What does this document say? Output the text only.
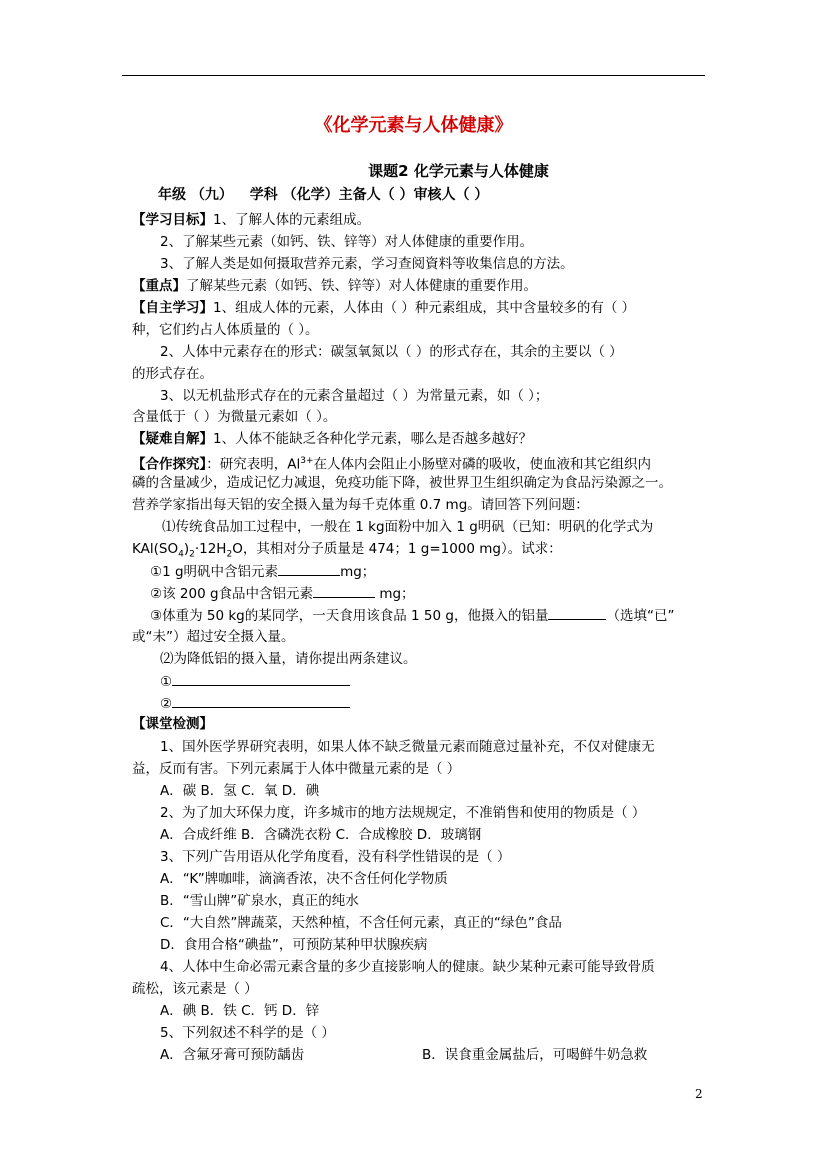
《化学元素与人体健康》
课题2 化学元素与人体健康
年级 （九） 学科 （化学）主备人（ ）审核人（ ）
【学习目标】1、了解人体的元素组成。
2、了解某些元素（如钙、铁、锌等）对人体健康的重要作用。
3、了解人类是如何摄取营养元素，学习查阅資料等收集信息的方法。
【重点】了解某些元素（如钙、铁、锌等）对人体健康的重要作用。
【自主学习】1、组成人体的元素，人体由（ ）种元素组成，其中含量较多的有（ ）
种，它们约占人体质量的（ ）。
2、人体中元素存在的形式：碳氢氧氮以（ ）的形式存在，其余的主要以（ ）
的形式存在。
3、以无机盐形式存在的元素含量超过（ ）为常量元素，如（ ）；
含量低于（ ）为微量元素如（ ）。
【疑难自解】1、人体不能缺乏各种化学元素，哪么是否越多越好？
【合作探究】：研究表明，$Al^{3+}$在人体内会阻止小肠壁对磷的吸收，使血液和其它组织内
磷的含量减少，造成记忆力减退，免疫功能下降，被世界卫生组织确定为食品污染源之一。
营养学家指出每天铝的安全摄入量为每千克体重 0.7 mg。请回答下列问题：
⑴传统食品加工过程中，一般在 1 kg面粉中加入 1 g明矾（已知：明矾的化学式为
$KAl(SO_4)_2\cdot 12H_2O$，其相对分子质量是 474；1 g=1000 mg）。试求：
①1 g明矾中含铝元素	mg；
②该 200 g食品中含铝元素	mg；
③体重为 50 kg的某同学，一天食用该食品 1 50 g，他摄入的铝量	（选填“已”
或“未”）超过安全摄入量。
⑵为降低铝的摄入量，请你提出两条建议。
①
②
【课堂检测】
1、国外医学界研究表明，如果人体不缺乏微量元素而随意过量补充，不仅对健康无
益，反而有害。下列元素属于人体中微量元素的是（ ）
A．碳 B．氢 C．氧 D．碘
2、为了加大环保力度，许多城市的地方法规规定，不准销售和使用的物质是（ ）
A．合成纤维 B．含磷洗衣粉 C．合成橡胶 D．玻璃钢
3、下列广告用语从化学角度看，没有科学性错误的是（ ）
A．“K”牌咖啡，滴滴香浓，决不含任何化学物质
B．“雪山牌”矿泉水，真正的纯水
C．“大自然”牌蔬菜，天然种植，不含任何元素，真正的“绿色”食品
D．食用合格“碘盐”，可预防某种甲状腺疾病
4、人体中生命必需元素含量的多少直接影响人的健康。缺少某种元素可能导致骨质
疏松，该元素是（ ）
A．碘 B．铁 C．钙 D．锌
5、下列叙述不科学的是（ ）
A．含氟牙膏可预防龋齿	B．误食重金属盐后，可喝鲜牛奶急救
2
